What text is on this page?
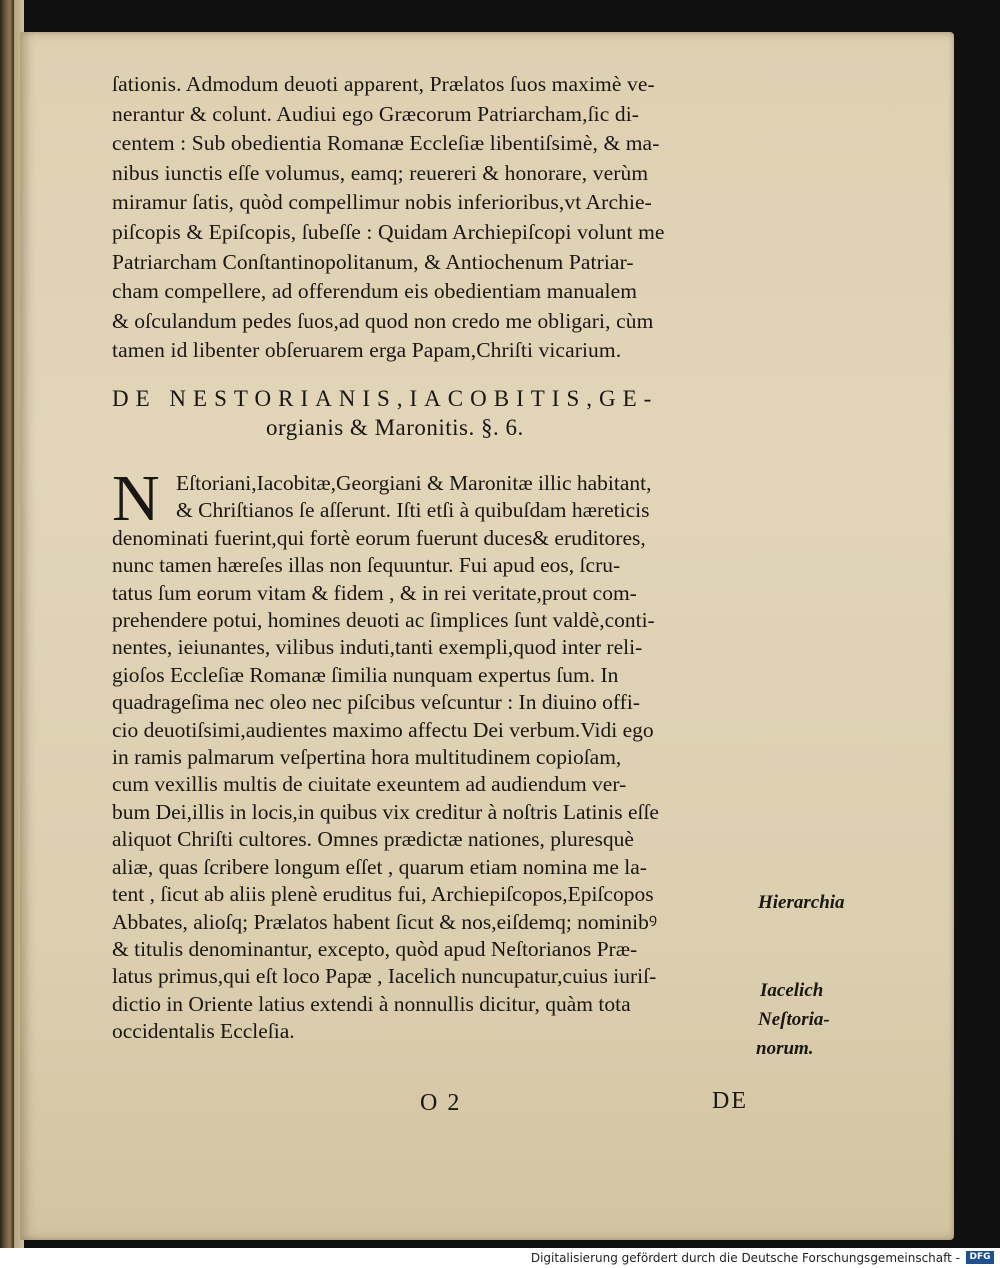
ſationis. Admodum deuoti apparent, Prælatos ſuos maximè ve-
nerantur & colunt. Audiui ego Græcorum Patriarcham,ſic di-
centem : Sub obedientia Romanæ Eccleſiæ libentiſsimè, & ma-
nibus iunctis eſſe volumus, eamq; reuereri & honorare, verùm
miramur ſatis, quòd compellimur nobis inferioribus,vt Archie-
piſcopis & Epiſcopis, ſubeſſe : Quidam Archiepiſcopi volunt me
Patriarcham Conſtantinopolitanum, & Antiochenum Patriar-
cham compellere, ad offerendum eis obedientiam manualem
& oſculandum pedes ſuos,ad quod non credo me obligari, cùm
tamen id libenter obſeruarem erga Papam,Chriſti vicarium.
DE NESTORIANIS,IACOBITIS,GE-
orgianis & Maronitis. §. 6.
N Eſtoriani,Iacobitæ,Georgiani & Maronitæ illic habitant,
& Chriſtianos ſe aſſerunt. Iſti etſi à quibuſdam hæreticis
denominati fuerint,qui fortè eorum fuerunt duces& eruditores,
nunc tamen hæreſes illas non ſequuntur. Fui apud eos, ſcru-
tatus ſum eorum vitam & fidem , & in rei veritate,prout com-
prehendere potui, homines deuoti ac ſimplices ſunt valdè,conti-
nentes, ieiunantes, vilibus induti,tanti exempli,quod inter reli-
gioſos Eccleſiæ Romanæ ſimilia nunquam expertus ſum. In
quadrageſima nec oleo nec piſcibus veſcuntur : In diuino offi-
cio deuotiſsimi,audientes maximo affectu Dei verbum.Vidi ego
in ramis palmarum veſpertina hora multitudinem copioſam,
cum vexillis multis de ciuitate exeuntem ad audiendum ver-
bum Dei,illis in locis,in quibus vix creditur à noſtris Latinis eſſe
aliquot Chriſti cultores. Omnes prædictæ nationes, pluresquè
aliæ, quas ſcribere longum eſſet , quarum etiam nomina me la-
tent , ſicut ab aliis plenè eruditus fui, Archiepiſcopos,Epiſcopos
Abbates, alioſq; Prælatos habent ſicut & nos,eiſdemq; nominibꝰ
& titulis denominantur, excepto, quòd apud Neſtorianos Præ-
latus primus,qui eſt loco Papæ , Iacelich nuncupatur,cuius iuriſ-
dictio in Oriente latius extendi à nonnullis dicitur, quàm tota
occidentalis Eccleſia.
Hierarchia
Iacelich
Neſtoria-
norum.
O 2	DE
Digitalisierung gefördert durch die Deutsche Forschungsgemeinschaft -	DFG
